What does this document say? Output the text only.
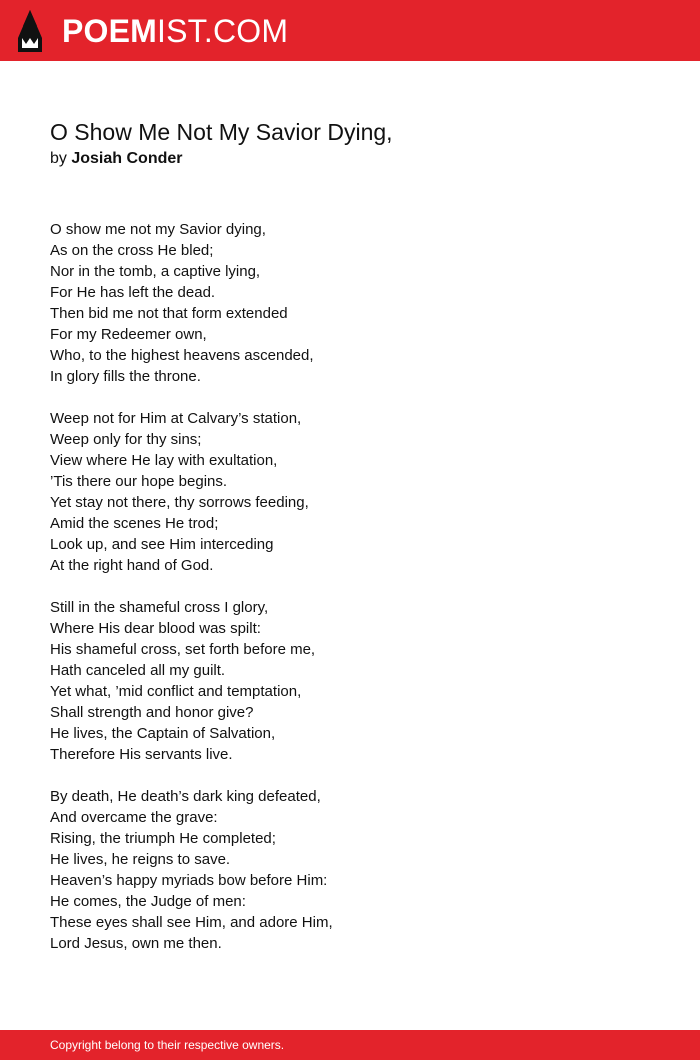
POEMIST.COM
O Show Me Not My Savior Dying,
by Josiah Conder
O show me not my Savior dying,
As on the cross He bled;
Nor in the tomb, a captive lying,
For He has left the dead.
Then bid me not that form extended
For my Redeemer own,
Who, to the highest heavens ascended,
In glory fills the throne.
Weep not for Him at Calvary’s station,
Weep only for thy sins;
View where He lay with exultation,
’Tis there our hope begins.
Yet stay not there, thy sorrows feeding,
Amid the scenes He trod;
Look up, and see Him interceding
At the right hand of God.
Still in the shameful cross I glory,
Where His dear blood was spilt:
His shameful cross, set forth before me,
Hath canceled all my guilt.
Yet what, ’mid conflict and temptation,
Shall strength and honor give?
He lives, the Captain of Salvation,
Therefore His servants live.
By death, He death’s dark king defeated,
And overcame the grave:
Rising, the triumph He completed;
He lives, he reigns to save.
Heaven’s happy myriads bow before Him:
He comes, the Judge of men:
These eyes shall see Him, and adore Him,
Lord Jesus, own me then.
Copyright belong to their respective owners.
